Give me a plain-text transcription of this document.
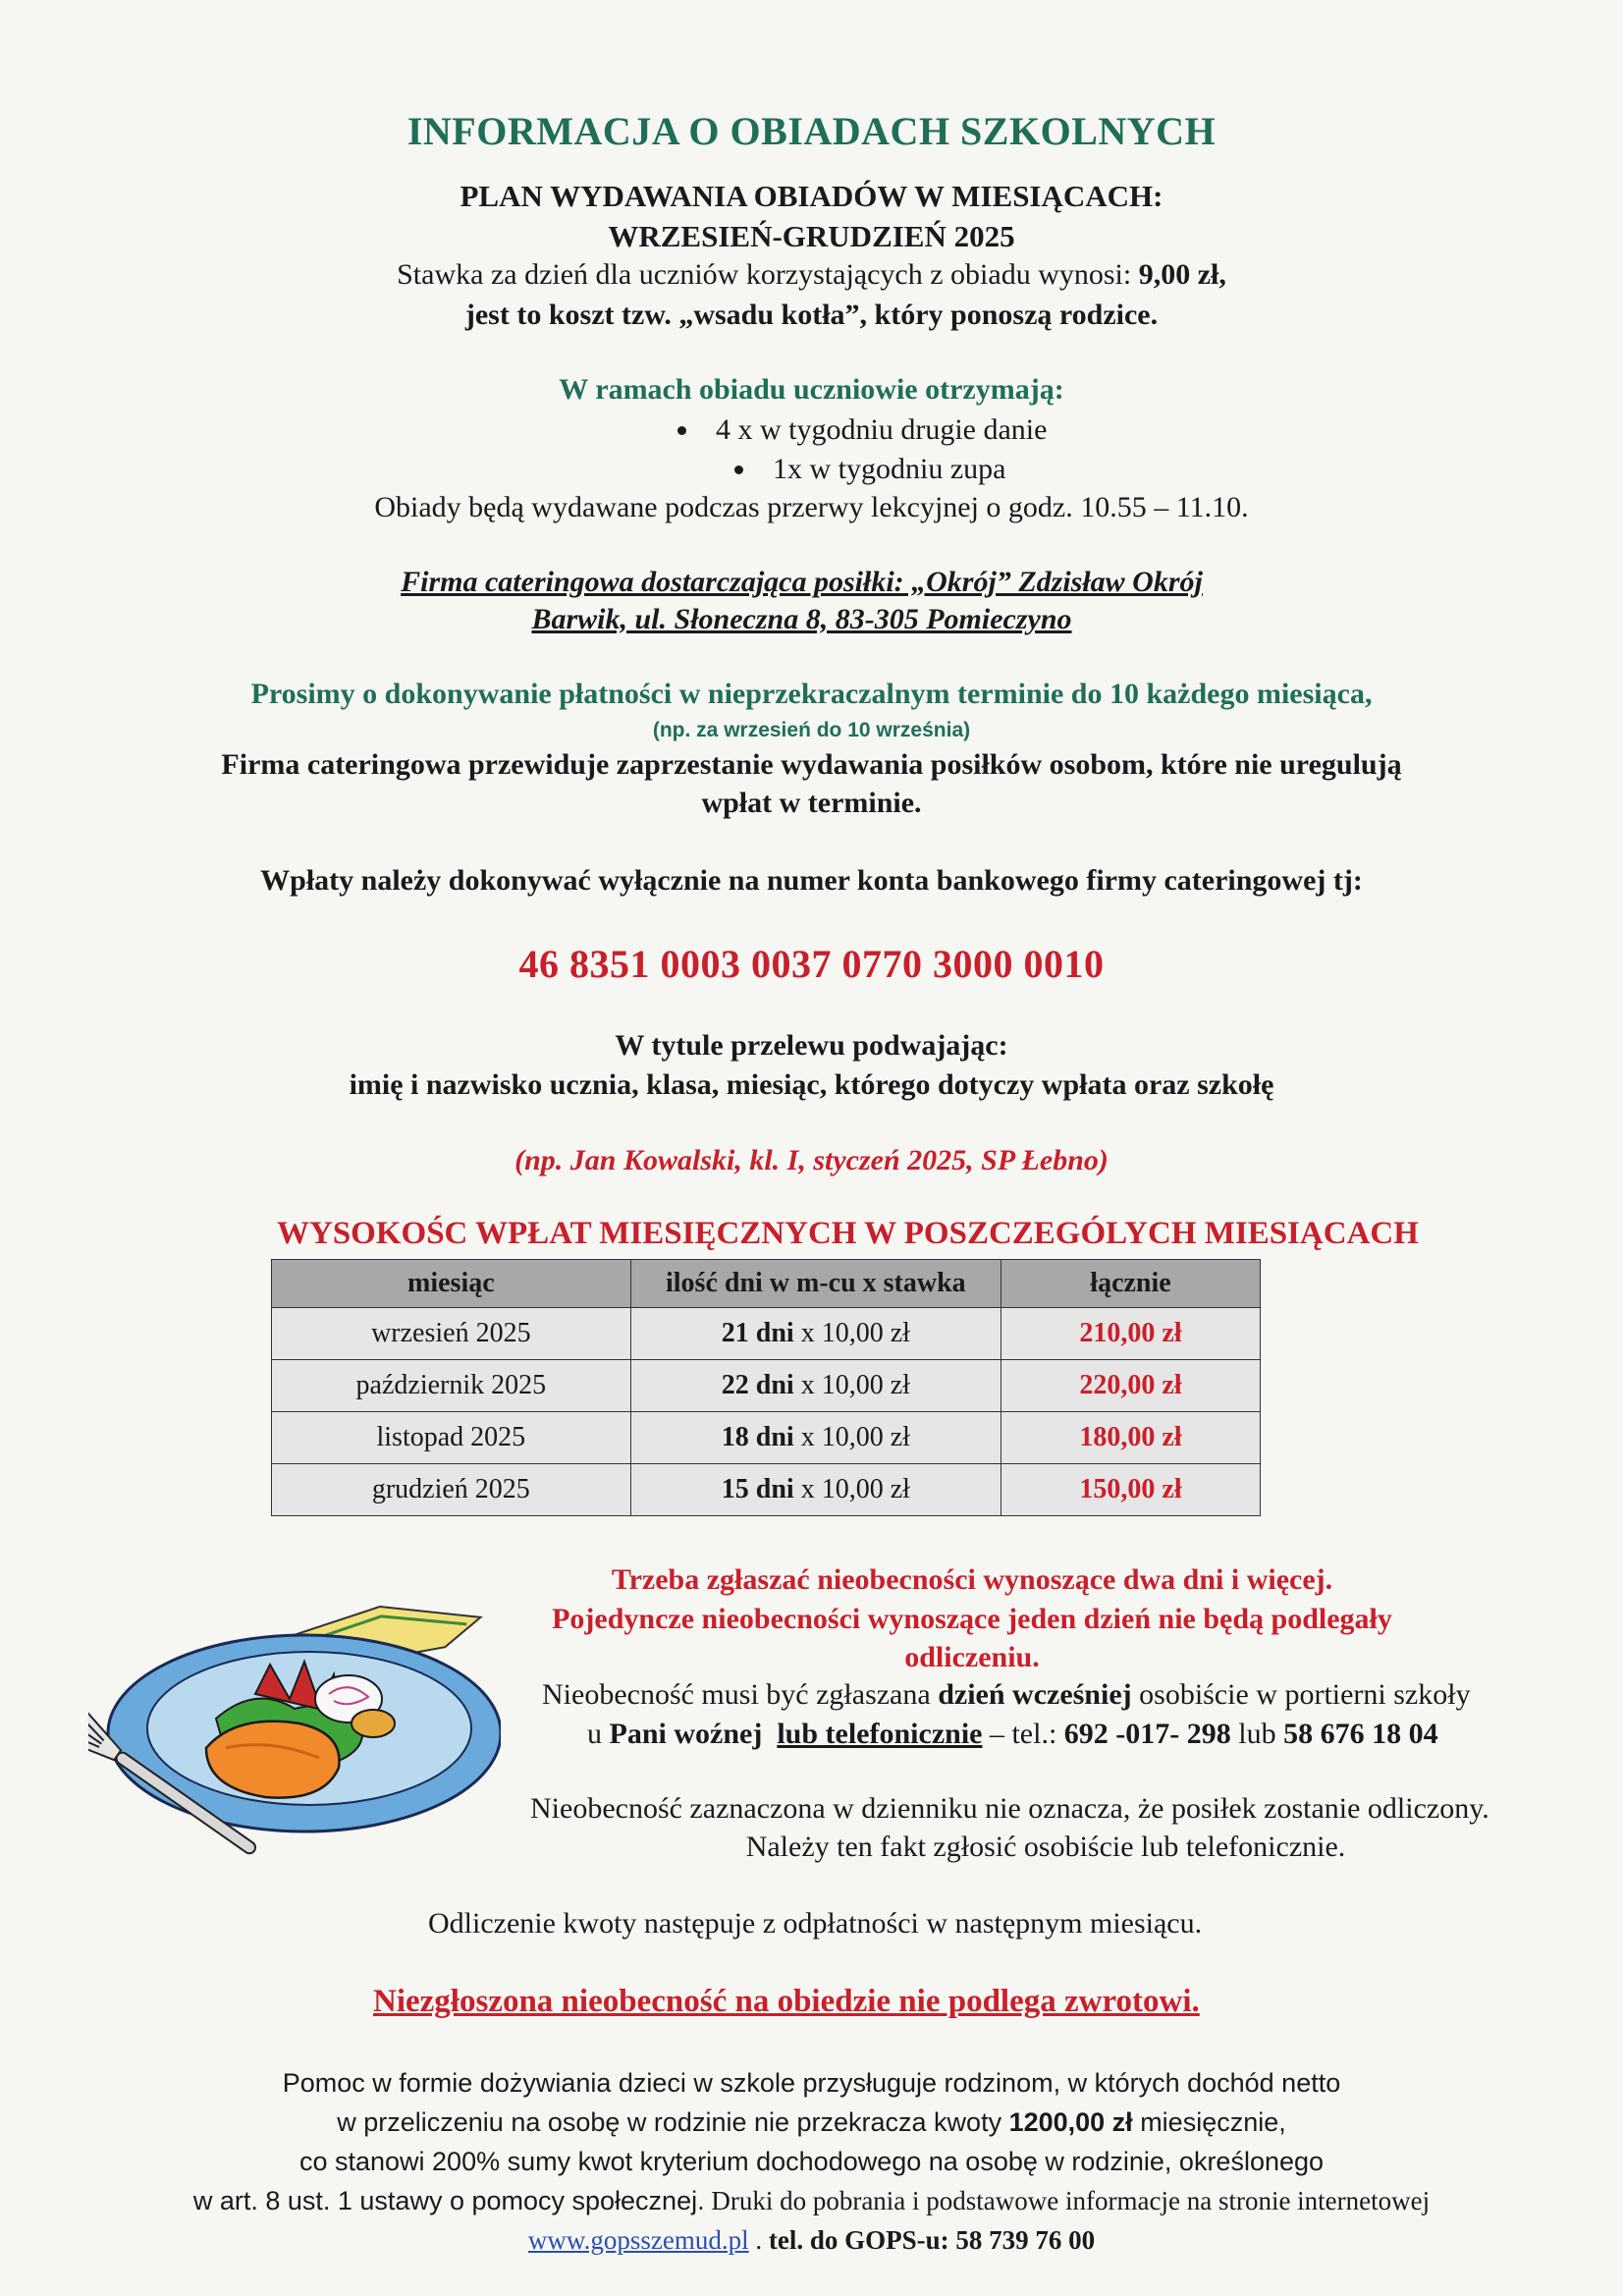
INFORMACJA O OBIADACH SZKOLNYCH
PLAN WYDAWANIA OBIADÓW W MIESIĄCACH:
WRZESIEŃ-GRUDZIEŃ 2025
Stawka za dzień dla uczniów korzystających z obiadu wynosi: 9,00 zł,
jest to koszt tzw. „wsadu kotła”, który ponoszą rodzice.
W ramach obiadu uczniowie otrzymają:
4 x w tygodniu drugie danie
1x w tygodniu zupa
Obiady będą wydawane podczas przerwy lekcyjnej o godz. 10.55 – 11.10.
Firma cateringowa dostarczająca posiłki: „Okrój” Zdzisław Okrój
Barwik, ul. Słoneczna 8, 83-305 Pomieczyno
Prosimy o dokonywanie płatności w nieprzekraczalnym terminie do 10 każdego miesiąca,
(np. za wrzesień do 10 września)
Firma cateringowa przewiduje zaprzestanie wydawania posiłków osobom, które nie uregulują
wpłat w terminie.
Wpłaty należy dokonywać wyłącznie na numer konta bankowego firmy cateringowej tj:
46 8351 0003 0037 0770 3000 0010
W tytule przelewu podwajając:
imię i nazwisko ucznia, klasa, miesiąc, którego dotyczy wpłata oraz szkołę
(np. Jan Kowalski, kl. I, styczeń 2025, SP Łebno)
WYSOKOŚC WPŁAT MIESIĘCZNYCH W POSZCZEGÓLYCH MIESIĄCACH
miesiąc	ilość dni w m-cu x stawka	łącznie
wrzesień 2025	21 dni x 10,00 zł	210,00 zł
październik 2025	22 dni x 10,00 zł	220,00 zł
listopad 2025	18 dni x 10,00 zł	180,00 zł
grudzień 2025	15 dni x 10,00 zł	150,00 zł
Trzeba zgłaszać nieobecności wynoszące dwa dni i więcej.
Pojedyncze nieobecności wynoszące jeden dzień nie będą podlegały
odliczeniu.
Nieobecność musi być zgłaszana dzień wcześniej osobiście w portierni szkoły
u Pani woźnej lub telefonicznie – tel.: 692 -017- 298 lub 58 676 18 04
Nieobecność zaznaczona w dzienniku nie oznacza, że posiłek zostanie odliczony.
Należy ten fakt zgłosić osobiście lub telefonicznie.
Odliczenie kwoty następuje z odpłatności w następnym miesiącu.
Niezgłoszona nieobecność na obiedzie nie podlega zwrotowi.
Pomoc w formie dożywiania dzieci w szkole przysługuje rodzinom, w których dochód netto
w przeliczeniu na osobę w rodzinie nie przekracza kwoty 1200,00 zł miesięcznie,
co stanowi 200% sumy kwot kryterium dochodowego na osobę w rodzinie, określonego
w art. 8 ust. 1 ustawy o pomocy społecznej. Druki do pobrania i podstawowe informacje na stronie internetowej
www.gopsszemud.pl . tel. do GOPS-u: 58 739 76 00
